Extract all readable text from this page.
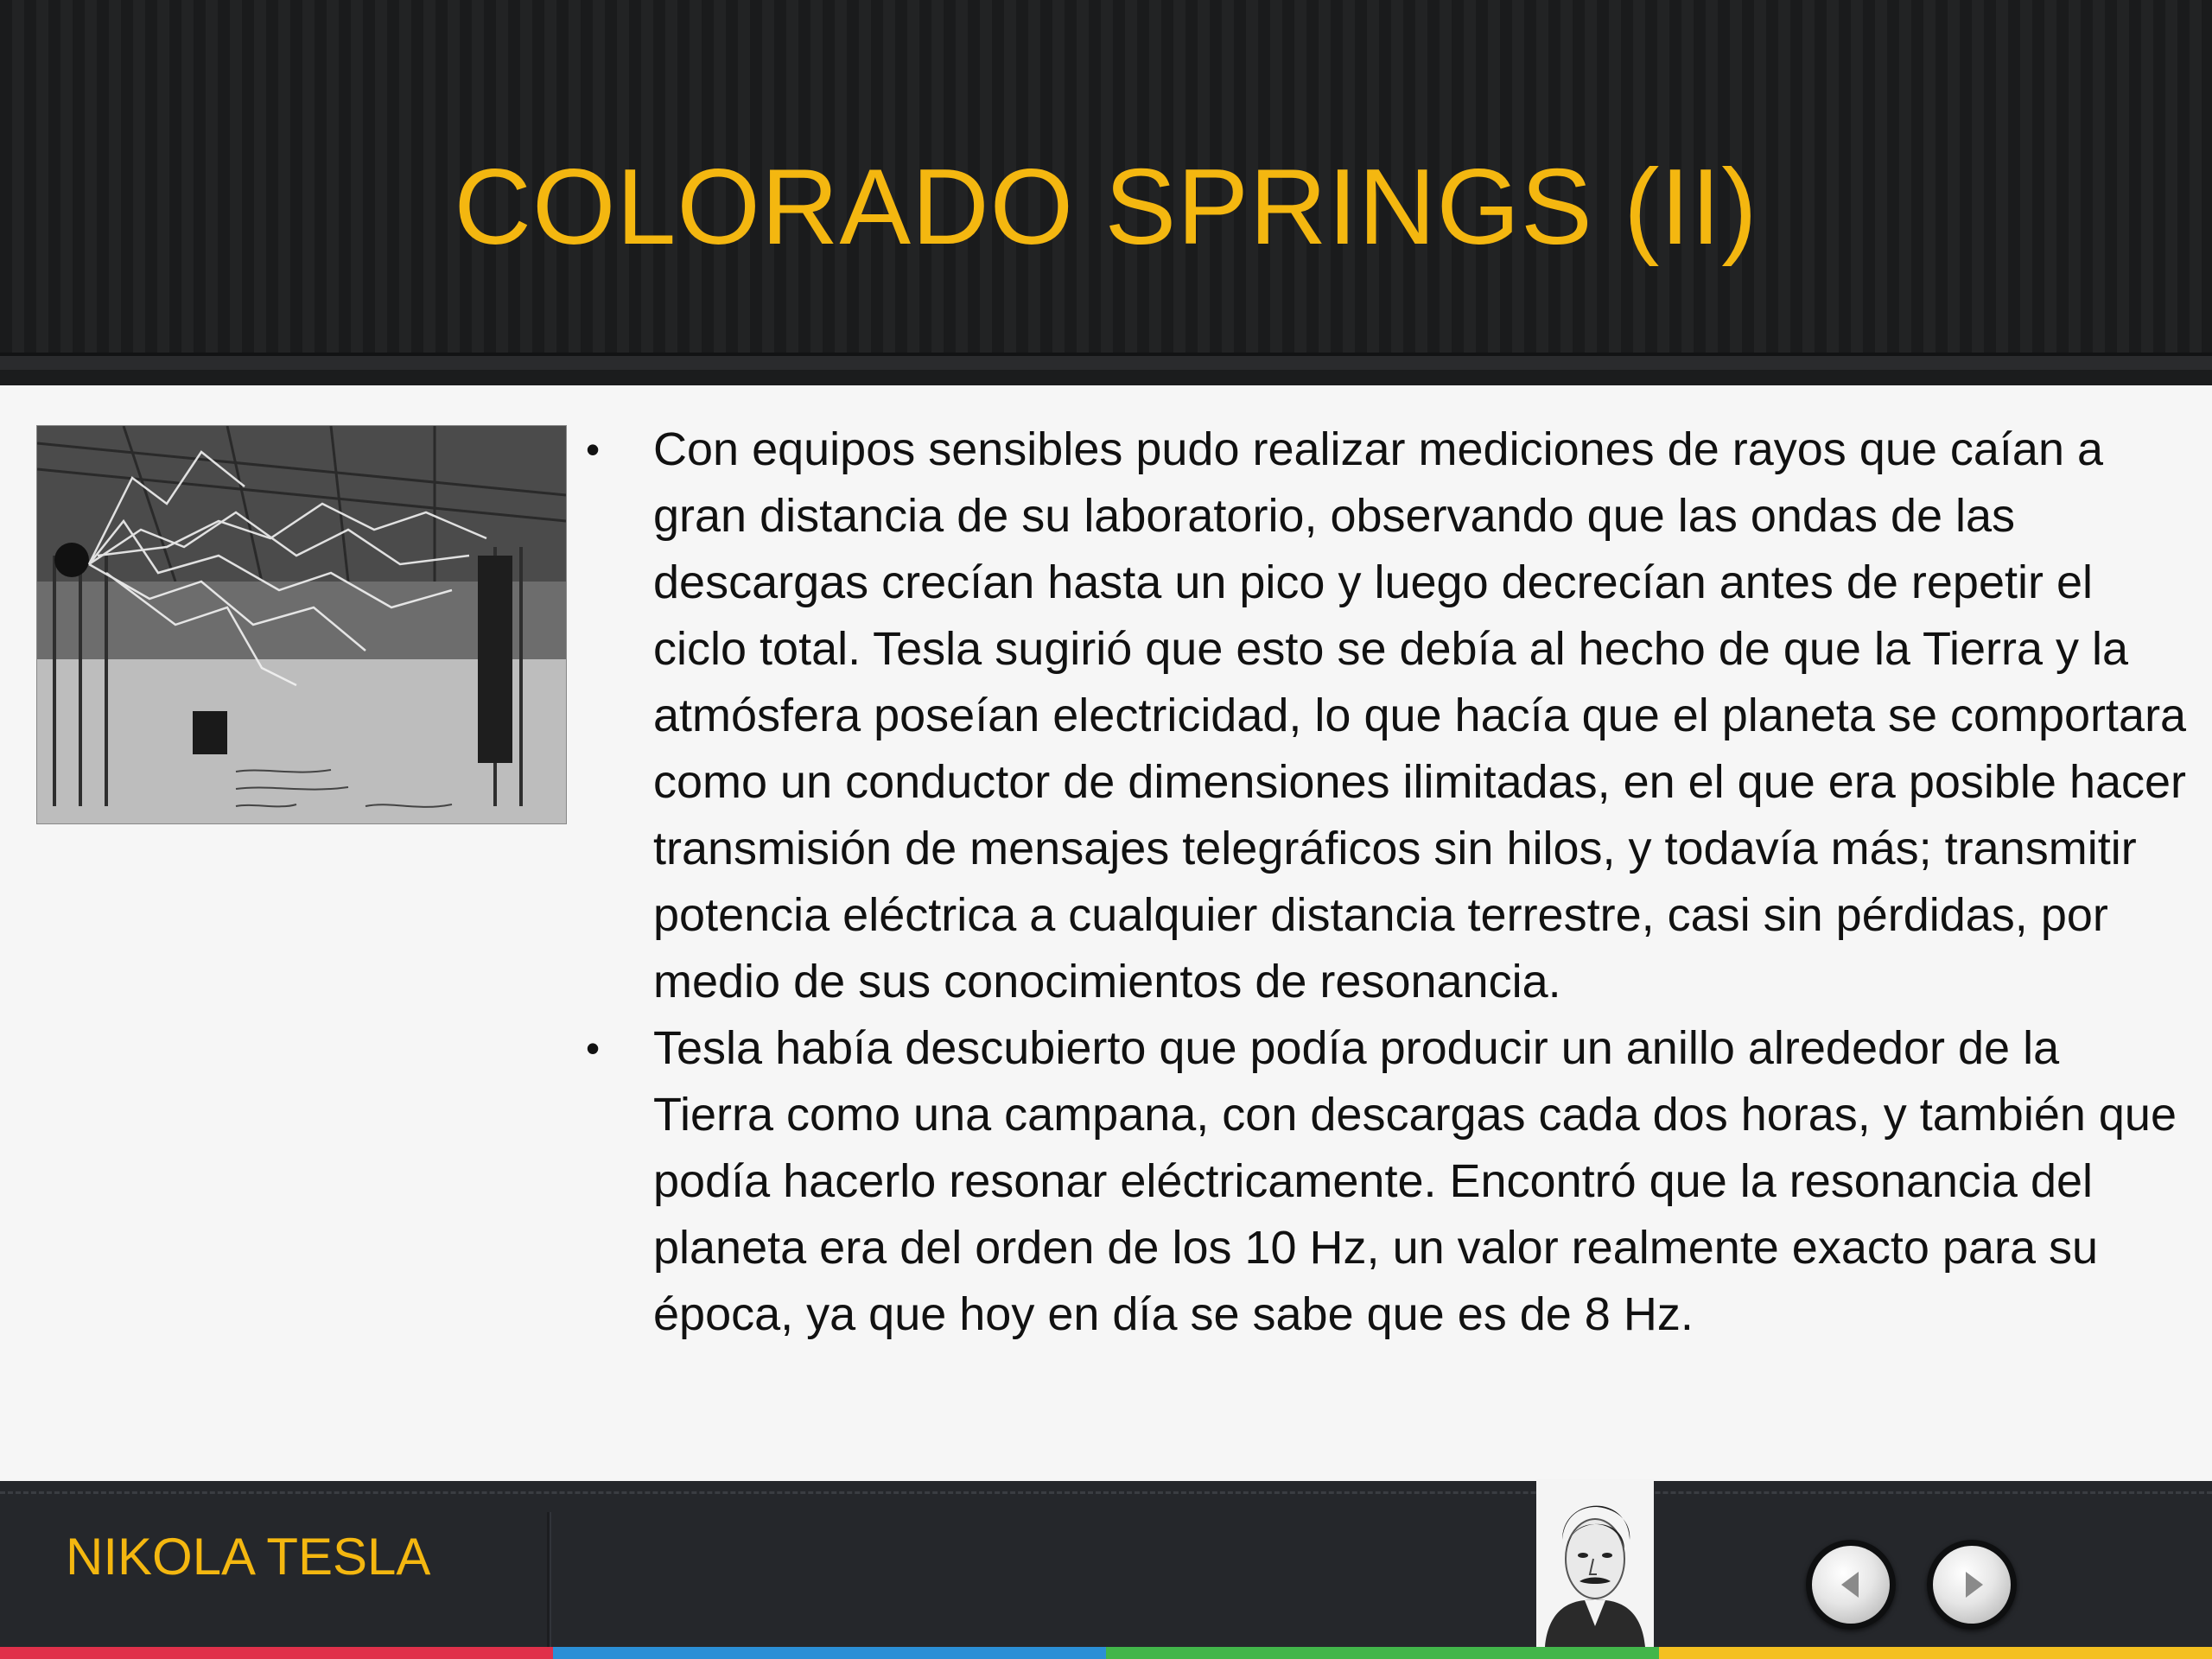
COLORADO SPRINGS (II)
• Con equipos sensibles pudo realizar mediciones de rayos que caían a gran distancia de su laboratorio, observando que las ondas de las descargas crecían hasta un pico y luego decrecían antes de repetir el ciclo total. Tesla sugirió que esto se debía al hecho de que la Tierra y la atmósfera poseían electricidad, lo que hacía que el planeta se comportara como un conductor de dimensiones ilimitadas, en el que era posible hacer transmisión de mensajes telegráficos sin hilos, y todavía más; transmitir potencia eléctrica a cualquier distancia terrestre, casi sin pérdidas, por medio de sus conocimientos de resonancia.
• Tesla había descubierto que podía producir un anillo alrededor de la Tierra como una campana, con descargas cada dos horas, y también que podía hacerlo resonar eléctricamente. Encontró que la resonancia del planeta era del orden de los 10 Hz, un valor realmente exacto para su época, ya que hoy en día se sabe que es de 8 Hz.
NIKOLA TESLA
